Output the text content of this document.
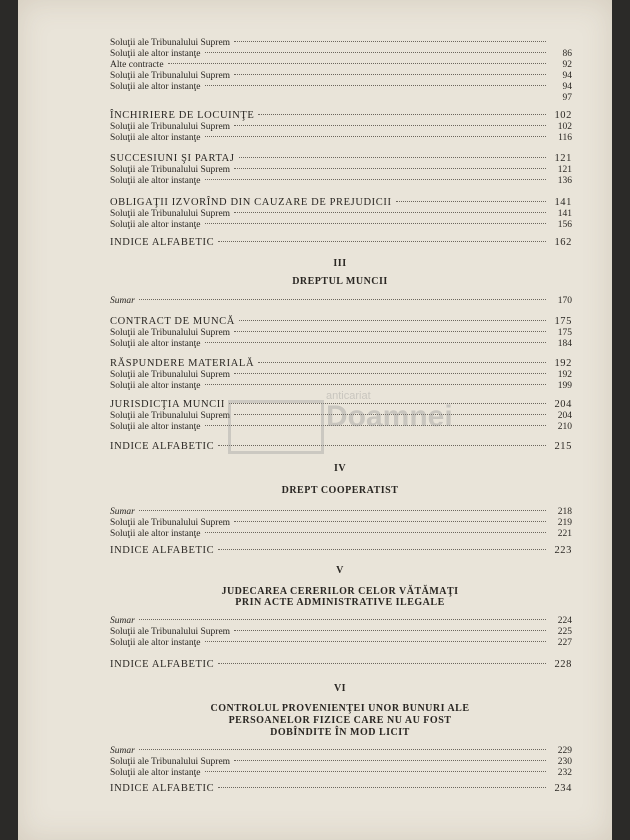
Soluţii ale Tribunalului Suprem
Soluţii ale altor instanţe	86
Alte contracte	92
Soluţii ale Tribunalului Suprem	94
Soluţii ale altor instanţe	94
97
ÎNCHIRIERE DE LOCUINŢE	102
Soluţii ale Tribunalului Suprem	102
Soluţii ale altor instanţe	116
SUCCESIUNI ŞI PARTAJ	121
Soluţii ale Tribunalului Suprem	121
Soluţii ale altor instanţe	136
OBLIGAŢII IZVORÎND DIN CAUZARE DE PREJUDICII	141
Soluţii ale Tribunalului Suprem	141
Soluţii ale altor instanţe	156
INDICE ALFABETIC	162
III
DREPTUL MUNCII
Sumar	170
CONTRACT DE MUNCĂ	175
Soluţii ale Tribunalului Suprem	175
Soluţii ale altor instanţe	184
RĂSPUNDERE MATERIALĂ	192
Soluţii ale Tribunalului Suprem	192
Soluţii ale altor instanţe	199
JURISDICŢIA MUNCII	204
Soluţii ale Tribunalului Suprem	204
Soluţii ale altor instanţe	210
INDICE ALFABETIC	215
IV
DREPT COOPERATIST
Sumar	218
Soluţii ale Tribunalului Suprem	219
Soluţii ale altor instanţe	221
INDICE ALFABETIC	223
V
JUDECAREA CERERILOR CELOR VĂTĂMAŢI
PRIN ACTE ADMINISTRATIVE ILEGALE
Sumar	224
Soluţii ale Tribunalului Suprem	225
Soluţii ale altor instanţe	227
INDICE ALFABETIC	228
VI
CONTROLUL PROVENIENŢEI UNOR BUNURI ALE
PERSOANELOR FIZICE CARE NU AU FOST
DOBÎNDITE ÎN MOD LICIT
Sumar	229
Soluţii ale Tribunalului Suprem	230
Soluţii ale altor instanţe	232
INDICE ALFABETIC	234
anticariat
Doamnei
